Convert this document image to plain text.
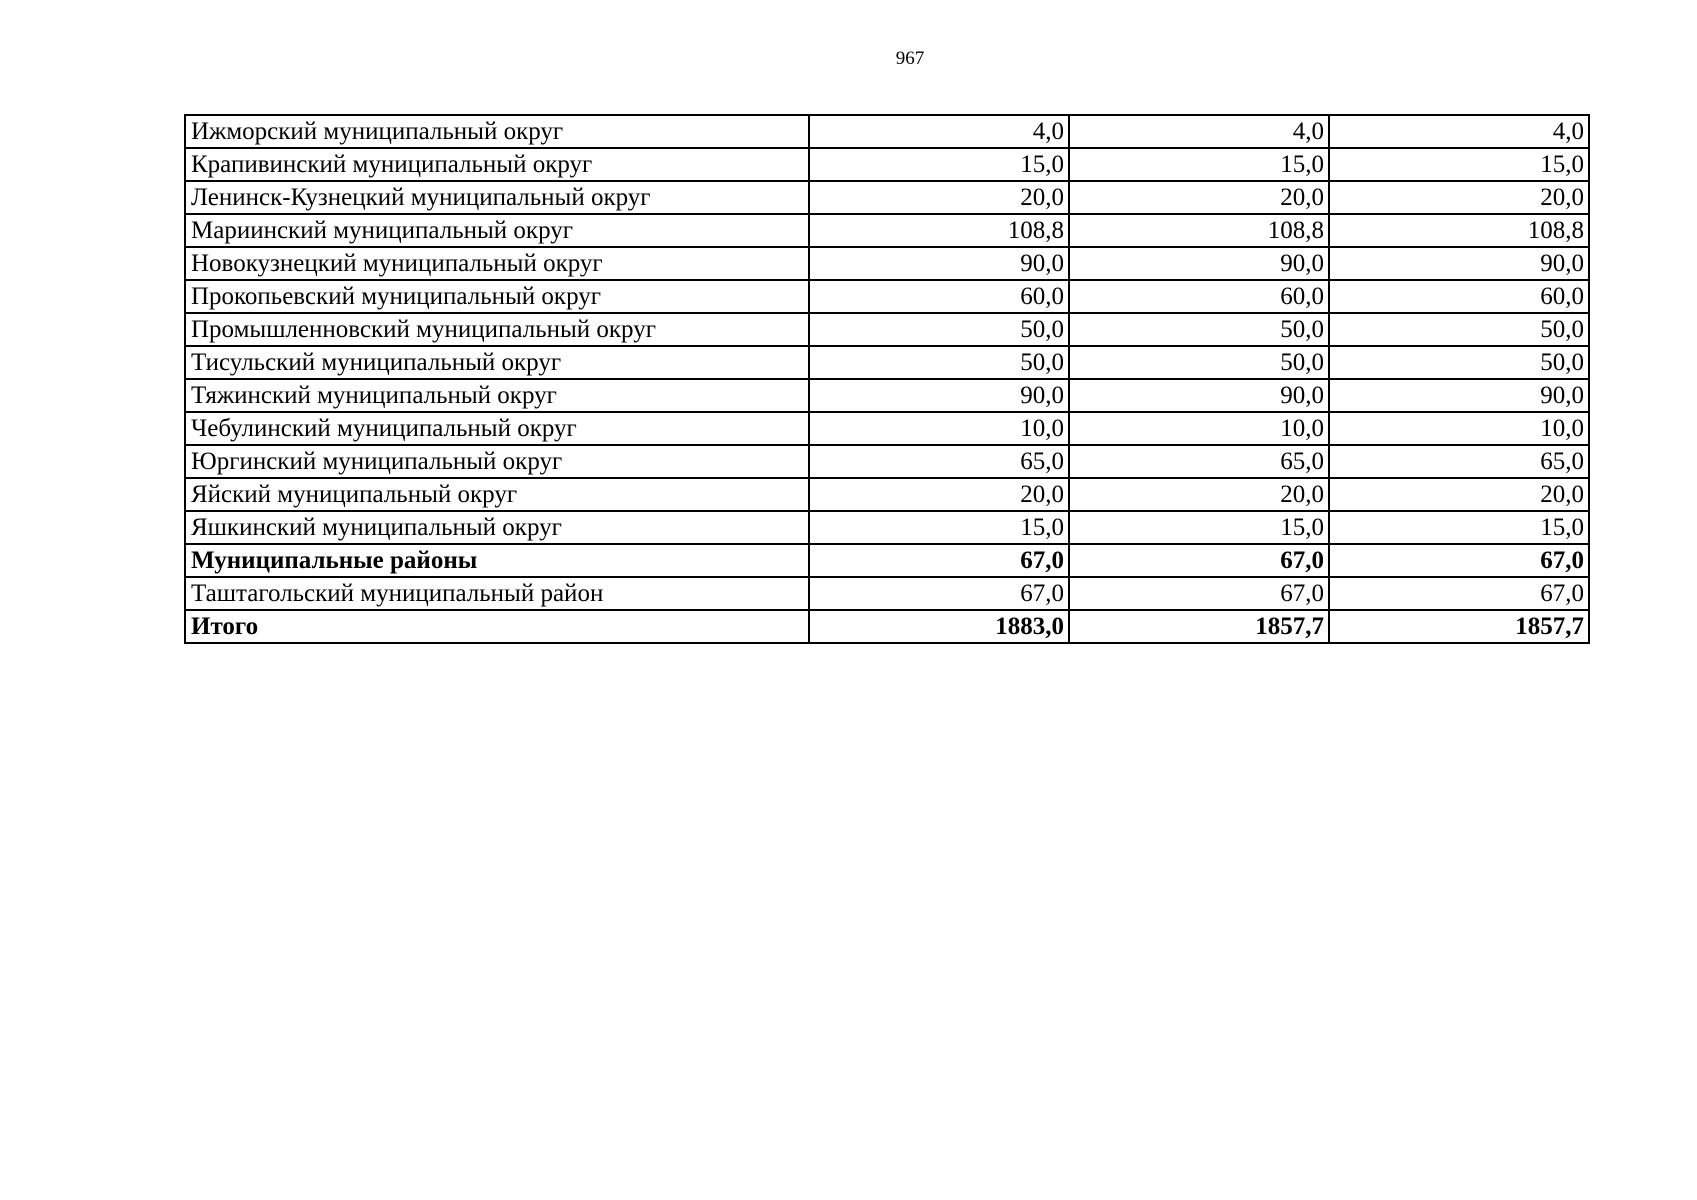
967
Ижморский муниципальный округ	4,0	4,0	4,0
Крапивинский муниципальный округ	15,0	15,0	15,0
Ленинск-Кузнецкий муниципальный округ	20,0	20,0	20,0
Мариинский муниципальный округ	108,8	108,8	108,8
Новокузнецкий муниципальный округ	90,0	90,0	90,0
Прокопьевский муниципальный округ	60,0	60,0	60,0
Промышленновский муниципальный округ	50,0	50,0	50,0
Тисульский муниципальный округ	50,0	50,0	50,0
Тяжинский муниципальный округ	90,0	90,0	90,0
Чебулинский муниципальный округ	10,0	10,0	10,0
Юргинский муниципальный округ	65,0	65,0	65,0
Яйский муниципальный округ	20,0	20,0	20,0
Яшкинский муниципальный округ	15,0	15,0	15,0
Муниципальные районы	67,0	67,0	67,0
Таштагольский муниципальный район	67,0	67,0	67,0
Итого	1883,0	1857,7	1857,7
